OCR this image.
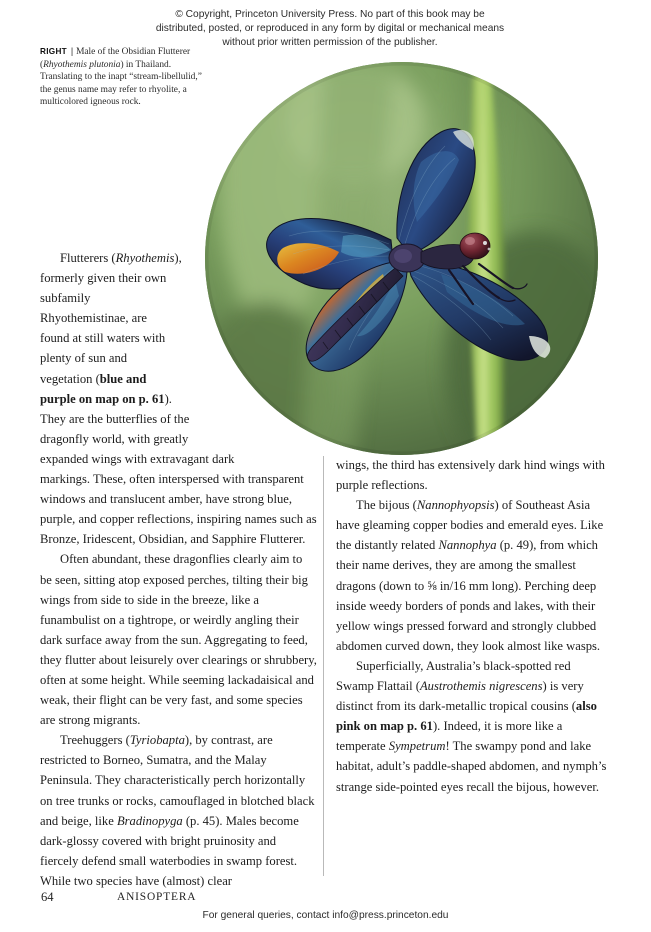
© Copyright, Princeton University Press. No part of this book may be distributed, posted, or reproduced in any form by digital or mechanical means without prior written permission of the publisher.
RIGHT | Male of the Obsidian Flutterer (Rhyothemis plutonia) in Thailand. Translating to the inapt “stream-libellulid,” the genus name may refer to rhyolite, a multicolored igneous rock.

Flutterers (Rhyothemis), formerly given their own subfamily Rhyothemistinae, are found at still waters with plenty of sun and vegetation (blue and purple on map on p. 61). They are the butterflies of the dragonfly world, with greatly expanded wings with extravagant dark markings. These, often interspersed with transparent windows and translucent amber, have strong blue, purple, and copper reflections, inspiring names such as Bronze, Iridescent, Obsidian, and Sapphire Flutterer.

Often abundant, these dragonflies clearly aim to be seen, sitting atop exposed perches, tilting their big wings from side to side in the breeze, like a funambulist on a tightrope, or weirdly angling their dark surface away from the sun. Aggregating to feed, they flutter about leisurely over clearings or shrubbery, often at some height. While seeming lackadaisical and weak, their flight can be very fast, and some species are strong migrants.

Treehuggers (Tyriobapta), by contrast, are restricted to Borneo, Sumatra, and the Malay Peninsula. They characteristically perch horizontally on tree trunks or rocks, camouflaged in blotched black and beige, like Bradinopyga (p. 45). Males become dark-glossy covered with bright pruinosity and fiercely defend small waterbodies in swamp forest. While two species have (almost) clear

wings, the third has extensively dark hind wings with purple reflections.

The bijous (Nannophyopsis) of Southeast Asia have gleaming copper bodies and emerald eyes. Like the distantly related Nannophya (p. 49), from which their name derives, they are among the smallest dragons (down to ⅝ in/16 mm long). Perching deep inside weedy borders of ponds and lakes, with their yellow wings pressed forward and strongly clubbed abdomen curved down, they look almost like wasps.

Superficially, Australia’s black-spotted red Swamp Flattail (Austrothemis nigrescens) is very distinct from its dark-metallic tropical cousins (also pink on map p. 61). Indeed, it is more like a temperate Sympetrum! The swampy pond and lake habitat, adult’s paddle-shaped abdomen, and nymph’s strange side-pointed eyes recall the bijous, however.

64	ANISOPTERA
For general queries, contact info@press.princeton.edu
